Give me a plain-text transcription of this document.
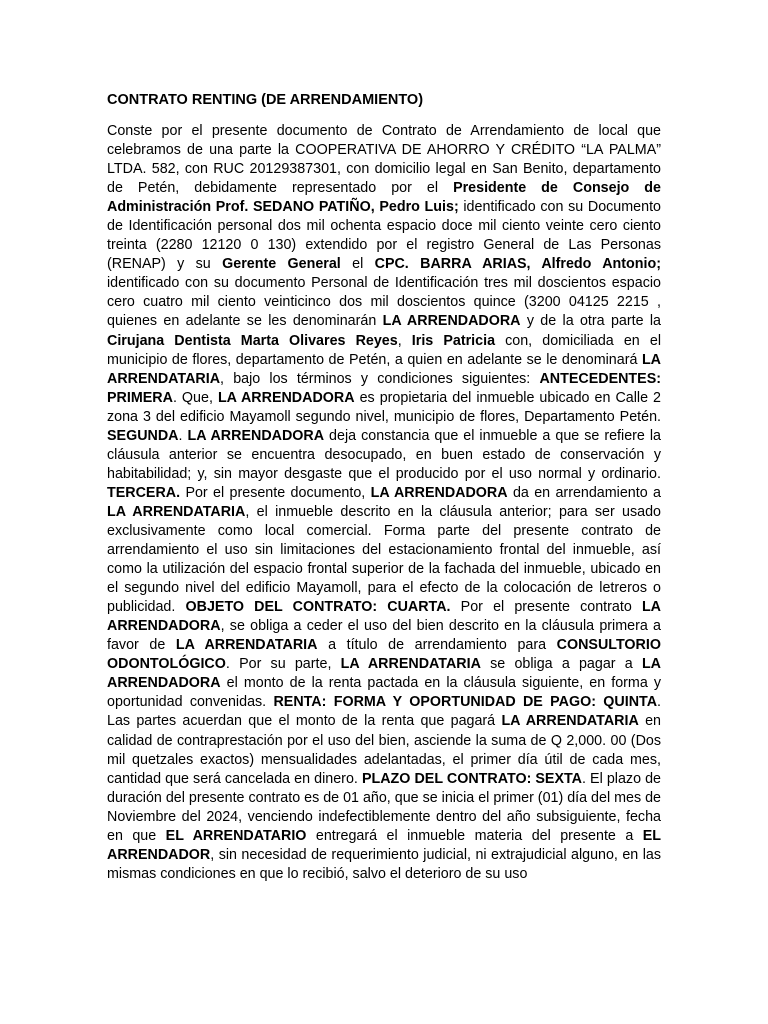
CONTRATO RENTING (DE ARRENDAMIENTO)

Conste por el presente documento de Contrato de Arrendamiento de local que celebramos de una parte la COOPERATIVA DE AHORRO Y CRÉDITO “LA PALMA” LTDA. 582, con RUC 20129387301, con domicilio legal en San Benito, departamento de Petén, debidamente representado por el Presidente de Consejo de Administración Prof. SEDANO PATIÑO, Pedro Luis; identificado con su Documento de Identificación personal dos mil ochenta espacio doce mil ciento veinte cero ciento treinta (2280 12120 0 130) extendido por el registro General de Las Personas (RENAP) y su Gerente General el CPC. BARRA ARIAS, Alfredo Antonio; identificado con su documento Personal de Identificación tres mil doscientos espacio cero cuatro mil ciento veinticinco dos mil doscientos quince (3200 04125 2215 , quienes en adelante se les denominarán LA ARRENDADORA y de la otra parte la Cirujana Dentista Marta Olivares Reyes, Iris Patricia con, domiciliada en el municipio de flores, departamento de Petén, a quien en adelante se le denominará LA ARRENDATARIA, bajo los términos y condiciones siguientes: ANTECEDENTES: PRIMERA. Que, LA ARRENDADORA es propietaria del inmueble ubicado en Calle 2 zona 3 del edificio Mayamoll segundo nivel, municipio de flores, Departamento Petén. SEGUNDA. LA ARRENDADORA deja constancia que el inmueble a que se refiere la cláusula anterior se encuentra desocupado, en buen estado de conservación y habitabilidad; y, sin mayor desgaste que el producido por el uso normal y ordinario. TERCERA. Por el presente documento, LA ARRENDADORA da en arrendamiento a LA ARRENDATARIA, el inmueble descrito en la cláusula anterior; para ser usado exclusivamente como local comercial. Forma parte del presente contrato de arrendamiento el uso sin limitaciones del estacionamiento frontal del inmueble, así como la utilización del espacio frontal superior de la fachada del inmueble, ubicado en el segundo nivel del edificio Mayamoll, para el efecto de la colocación de letreros o publicidad. OBJETO DEL CONTRATO: CUARTA. Por el presente contrato LA ARRENDADORA, se obliga a ceder el uso del bien descrito en la cláusula primera a favor de LA ARRENDATARIA a título de arrendamiento para CONSULTORIO ODONTOLÓGICO. Por su parte, LA ARRENDATARIA se obliga a pagar a LA ARRENDADORA el monto de la renta pactada en la cláusula siguiente, en forma y oportunidad convenidas. RENTA: FORMA Y OPORTUNIDAD DE PAGO: QUINTA. Las partes acuerdan que el monto de la renta que pagará LA ARRENDATARIA en calidad de contraprestación por el uso del bien, asciende la suma de Q 2,000. 00 (Dos mil quetzales exactos) mensualidades adelantadas, el primer día útil de cada mes, cantidad que será cancelada en dinero. PLAZO DEL CONTRATO: SEXTA. El plazo de duración del presente contrato es de 01 año, que se inicia el primer (01) día del mes de Noviembre del 2024, venciendo indefectiblemente dentro del año subsiguiente, fecha en que EL ARRENDATARIO entregará el inmueble materia del presente a EL ARRENDADOR, sin necesidad de requerimiento judicial, ni extrajudicial alguno, en las mismas condiciones en que lo recibió, salvo el deterioro de su uso
